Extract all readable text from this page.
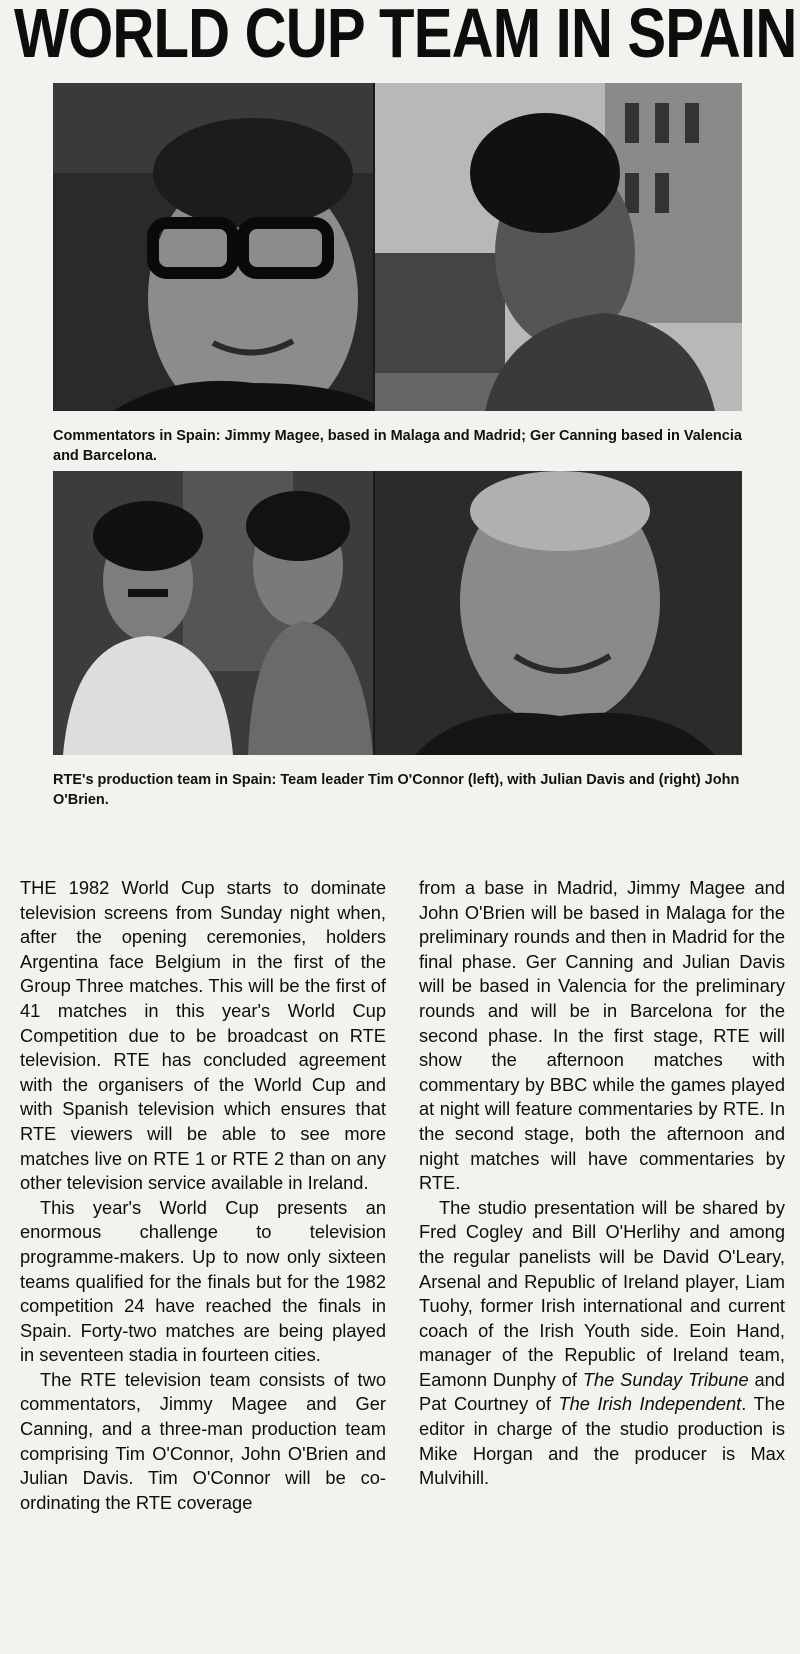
WORLD CUP TEAM IN SPAIN
Commentators in Spain: Jimmy Magee, based in Malaga and Madrid; Ger Canning based in Valencia and Barcelona.
RTE's production team in Spain: Team leader Tim O'Connor (left), with Julian Davis and (right) John O'Brien.

THE 1982 World Cup starts to dominate television screens from Sunday night when, after the opening ceremonies, holders Argentina face Belgium in the first of the Group Three matches. This will be the first of 41 matches in this year's World Cup Competition due to be broadcast on RTE television. RTE has concluded agreement with the organisers of the World Cup and with Spanish television which ensures that RTE viewers will be able to see more matches live on RTE 1 or RTE 2 than on any other television service available in Ireland.

This year's World Cup presents an enormous challenge to television programme-makers. Up to now only sixteen teams qualified for the finals but for the 1982 competition 24 have reached the finals in Spain. Forty-two matches are being played in seventeen stadia in fourteen cities.

The RTE television team consists of two commentators, Jimmy Magee and Ger Canning, and a three-man production team comprising Tim O'Connor, John O'Brien and Julian Davis. Tim O'Connor will be co-ordinating the RTE coverage

from a base in Madrid, Jimmy Magee and John O'Brien will be based in Malaga for the preliminary rounds and then in Madrid for the final phase. Ger Canning and Julian Davis will be based in Valencia for the preliminary rounds and will be in Barcelona for the second phase. In the first stage, RTE will show the afternoon matches with commentary by BBC while the games played at night will feature commentaries by RTE. In the second stage, both the afternoon and night matches will have commentaries by RTE.

The studio presentation will be shared by Fred Cogley and Bill O'Herlihy and among the regular panelists will be David O'Leary, Arsenal and Republic of Ireland player, Liam Tuohy, former Irish international and current coach of the Irish Youth side. Eoin Hand, manager of the Republic of Ireland team, Eamonn Dunphy of The Sunday Tribune and Pat Courtney of The Irish Independent. The editor in charge of the studio production is Mike Horgan and the producer is Max Mulvihill.
